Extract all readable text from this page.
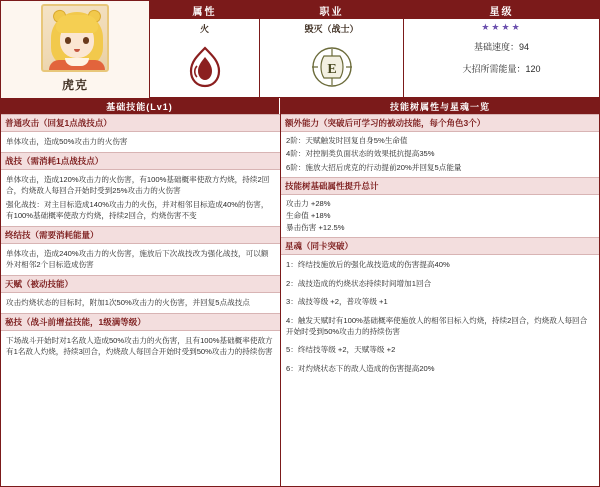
虎克
属性
火
职业
毁灭（战士）
E
星级
★★★★
基础速度：94
大招所需能量：120
基础技能(Lv1)	技能树属性与星魂一览
普通攻击（回复1点战技点）

单体攻击，造成50%攻击力的火伤害

战技（需消耗1点战技点）

单体攻击，造成120%攻击力的火伤害，有100%基础概率使敌方灼烧，持续2回合，灼烧敌人每回合开始时受到25%攻击力的火伤害

强化战技：对主目标造成140%攻击力的火伤，并对相邻目标造成40%的伤害，有100%基础概率使敌方灼烧，持续2回合，灼烧伤害不变

终结技（需要消耗能量）

单体攻击，造成240%攻击力的火伤害，施放后下次战技改为强化战技，可以额外对相邻2个目标造成伤害

天赋（被动技能）

攻击灼烧状态的目标时，附加1次50%攻击力的火伤害，并回复5点战技点

秘技（战斗前增益技能，1级满等级）

下场战斗开始时对1名敌人造成50%攻击力的火伤害，且有100%基础概率使敌方有1名敌人灼烧，持续3回合，灼烧敌人每回合开始时受到50%攻击力的持续伤害

额外能力（突破后可学习的被动技能，每个角色3个）
2阶：天赋触发时回复自身5%生命值
4阶：对控制类负面状态的效果抵抗提高35%
6阶：施放大招后虎克的行动提前20%并回复5点能量
技能树基础属性提升总计
攻击力 +28%
生命值 +18%
暴击伤害 +12.5%
星魂（同卡突破）
1：终结技施放后的强化战技造成的伤害提高40%
2：战技造成的灼烧状态持续时间增加1回合
3：战技等级 +2，普攻等级 +1
4：触发天赋时有100%基础概率使施放人的相邻目标入灼烧，持续2回合，灼烧敌人每回合开始时受到50%攻击力的持续伤害
5：终结技等级 +2，天赋等级 +2
6：对灼烧状态下的敌人造成的伤害提高20%
